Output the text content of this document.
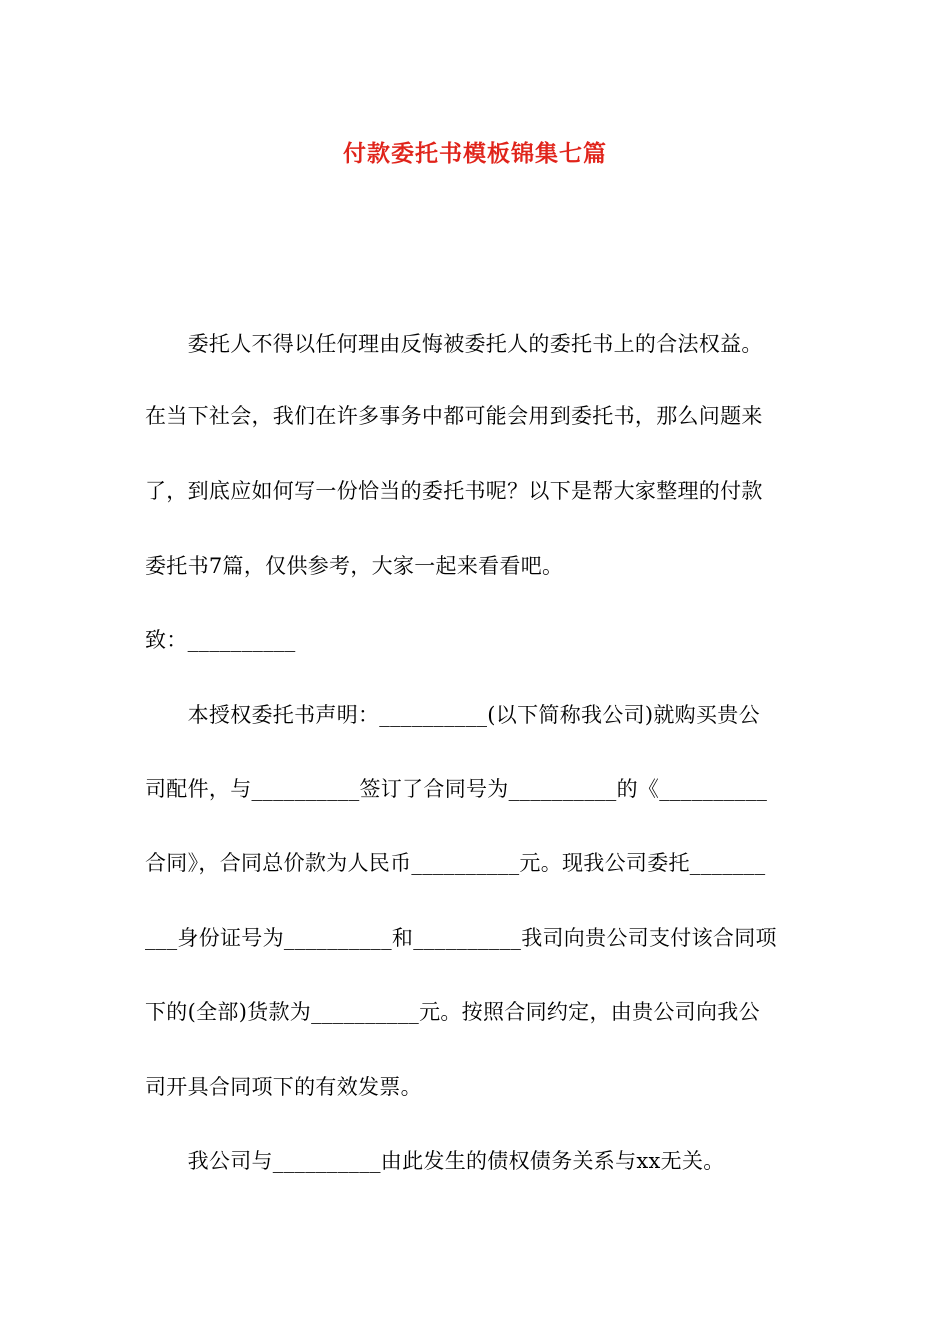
付款委托书模板锦集七篇
　　委托人不得以任何理由反悔被委托人的委托书上的合法权益。
在当下社会，我们在许多事务中都可能会用到委托书，那么问题来
了，到底应如何写一份恰当的委托书呢？以下是帮大家整理的付款
委托书7篇，仅供参考，大家一起来看看吧。
致：__________
　　本授权委托书声明：__________(以下简称我公司)就购买贵公
司配件，与__________签订了合同号为__________的《__________
合同》，合同总价款为人民币__________元。现我公司委托_______
___身份证号为__________和__________我司向贵公司支付该合同项
下的(全部)货款为__________元。按照合同约定，由贵公司向我公
司开具合同项下的有效发票。
　　我公司与__________由此发生的债权债务关系与xx无关。
